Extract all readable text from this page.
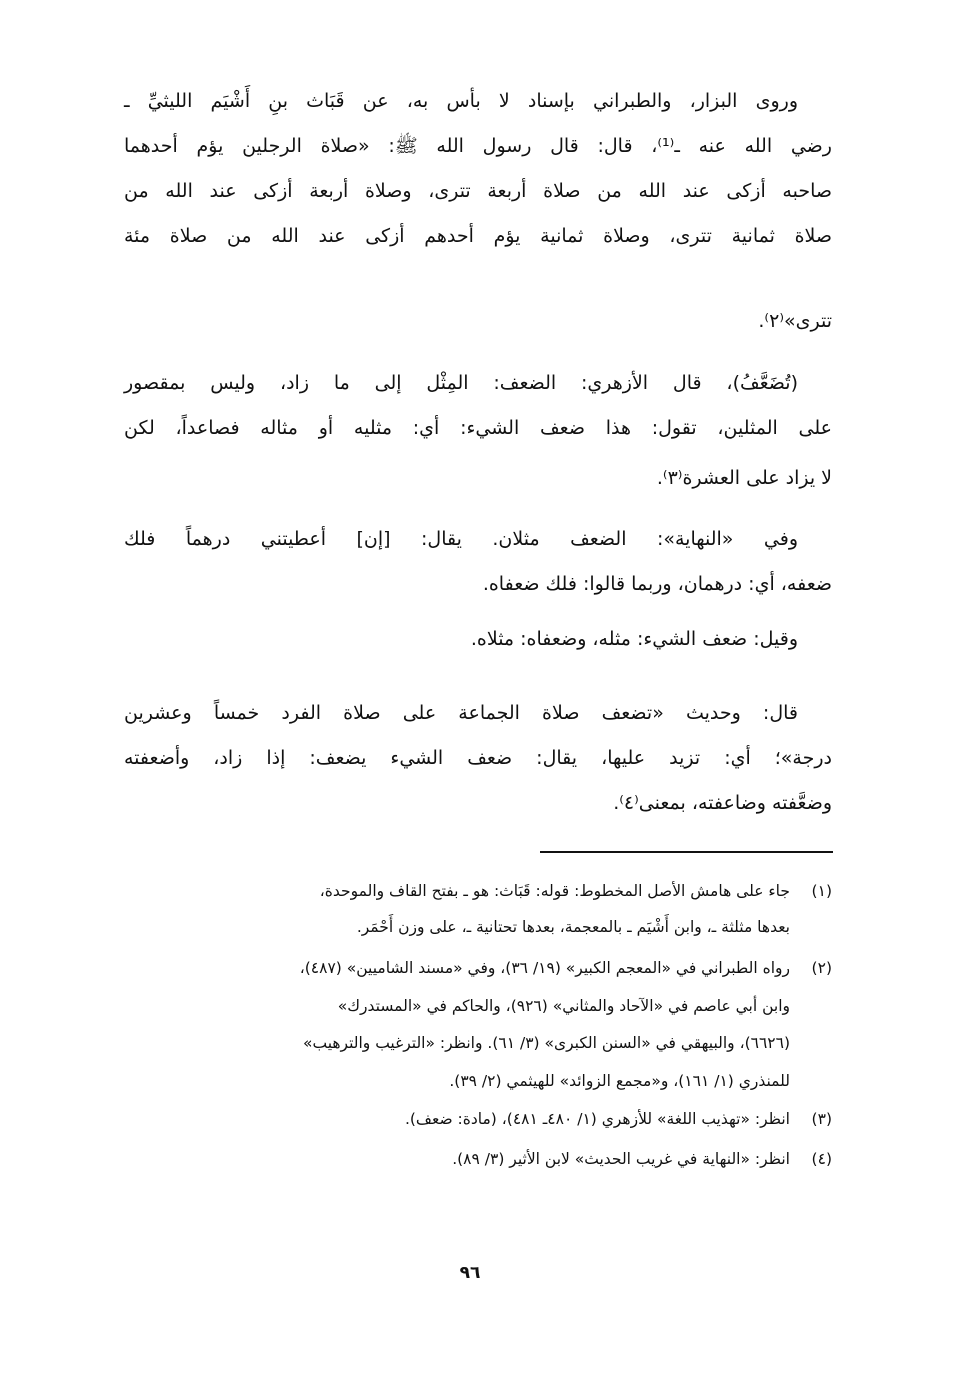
وروى البزار، والطبراني بإسناد لا بأس به، عن قَبَاث بنِ أَشْيَم الليثيِّ ـ
رضي الله عنه ـ⁽¹⁾، قال: قال رسول الله ﷺ: «صلاة الرجلين يؤم أحدهما
صاحبه أزكى عند الله من صلاة أربعة تترى، وصلاة أربعة أزكى عند الله من
صلاة ثمانية تترى، وصلاة ثمانية يؤم أحدهم أزكى عند الله من صلاة مئة
تترى»⁽٢⁾.
(تُضَعَّفُ)، قال الأزهري: الضعف: المِثْل إلى ما زاد، وليس بمقصور
على المثلين، تقول: هذا ضعف الشيء: أي: مثليه أو مثاله فصاعداً، لكن
لا يزاد على العشرة⁽٣⁾.
وفي «النهاية»: الضعف مثلان. يقال: [إن] أعطيتني درهماً فلك
ضعفه، أي: درهمان، وربما قالوا: فلك ضعفاه.
وقيل: ضعف الشيء: مثله، وضعفاه: مثلاه.
قال: وحديث «تضعف صلاة الجماعة على صلاة الفرد خمساً وعشرين
درجة»؛ أي: تزيد عليها، يقال: ضعف الشيء يضعف: إذا زاد، وأضعفته
وضعَّفته وضاعفته، بمعنى⁽٤⁾.
(١)جاء على هامش الأصل المخطوط: قوله: قَبَاث: هو ـ بفتح القاف والموحدة،
بعدها مثلثة ـ، وابن أَشْيَم ـ بالمعجمة، بعدها تحتانية ـ، على وزن أَحْمَر.
(٢)رواه الطبراني في «المعجم الكبير» (١٩/ ٣٦)، وفي «مسند الشاميين» (٤٨٧)،
وابن أبي عاصم في «الآحاد والمثاني» (٩٢٦)، والحاكم في «المستدرك»
(٦٦٢٦)، والبيهقي في «السنن الكبرى» (٣/ ٦١). وانظر: «الترغيب والترهيب»
للمنذري (١/ ١٦١)، و«مجمع الزوائد» للهيثمي (٢/ ٣٩).
(٣)انظر: «تهذيب اللغة» للأزهري (١/ ٤٨٠ـ ٤٨١)، (مادة: ضعف).
(٤)انظر: «النهاية في غريب الحديث» لابن الأثير (٣/ ٨٩).
٩٦
